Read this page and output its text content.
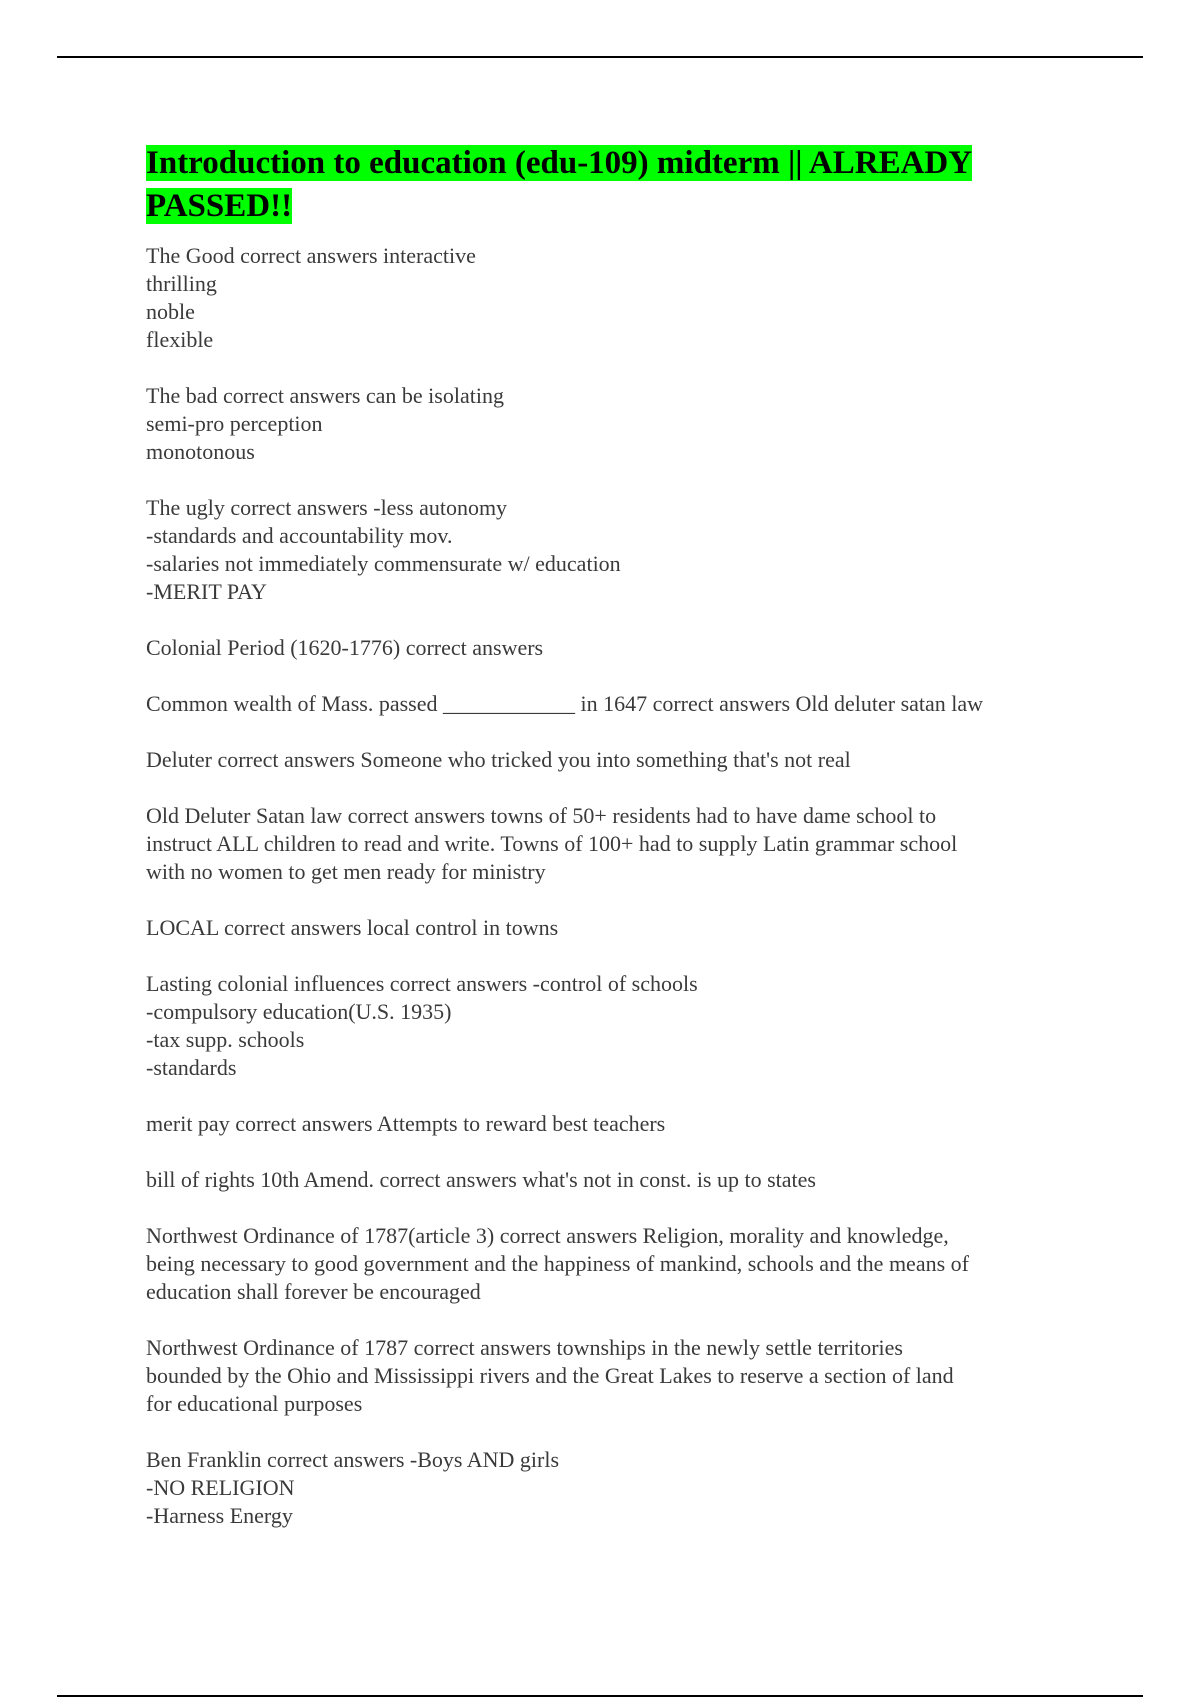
Introduction to education (edu-109) midterm || ALREADY
PASSED!!

The Good correct answers interactive
thrilling
noble
flexible

The bad correct answers can be isolating
semi-pro perception
monotonous

The ugly correct answers -less autonomy
-standards and accountability mov.
-salaries not immediately commensurate w/ education
-MERIT PAY

Colonial Period (1620-1776) correct answers

Common wealth of Mass. passed ____________ in 1647 correct answers Old deluter satan law

Deluter correct answers Someone who tricked you into something that's not real

Old Deluter Satan law correct answers towns of 50+ residents had to have dame school to
instruct ALL children to read and write. Towns of 100+ had to supply Latin grammar school
with no women to get men ready for ministry

LOCAL correct answers local control in towns

Lasting colonial influences correct answers -control of schools
-compulsory education(U.S. 1935)
-tax supp. schools
-standards

merit pay correct answers Attempts to reward best teachers

bill of rights 10th Amend. correct answers what's not in const. is up to states

Northwest Ordinance of 1787(article 3) correct answers Religion, morality and knowledge,
being necessary to good government and the happiness of mankind, schools and the means of
education shall forever be encouraged

Northwest Ordinance of 1787 correct answers townships in the newly settle territories
bounded by the Ohio and Mississippi rivers and the Great Lakes to reserve a section of land
for educational purposes

Ben Franklin correct answers -Boys AND girls
-NO RELIGION
-Harness Energy
